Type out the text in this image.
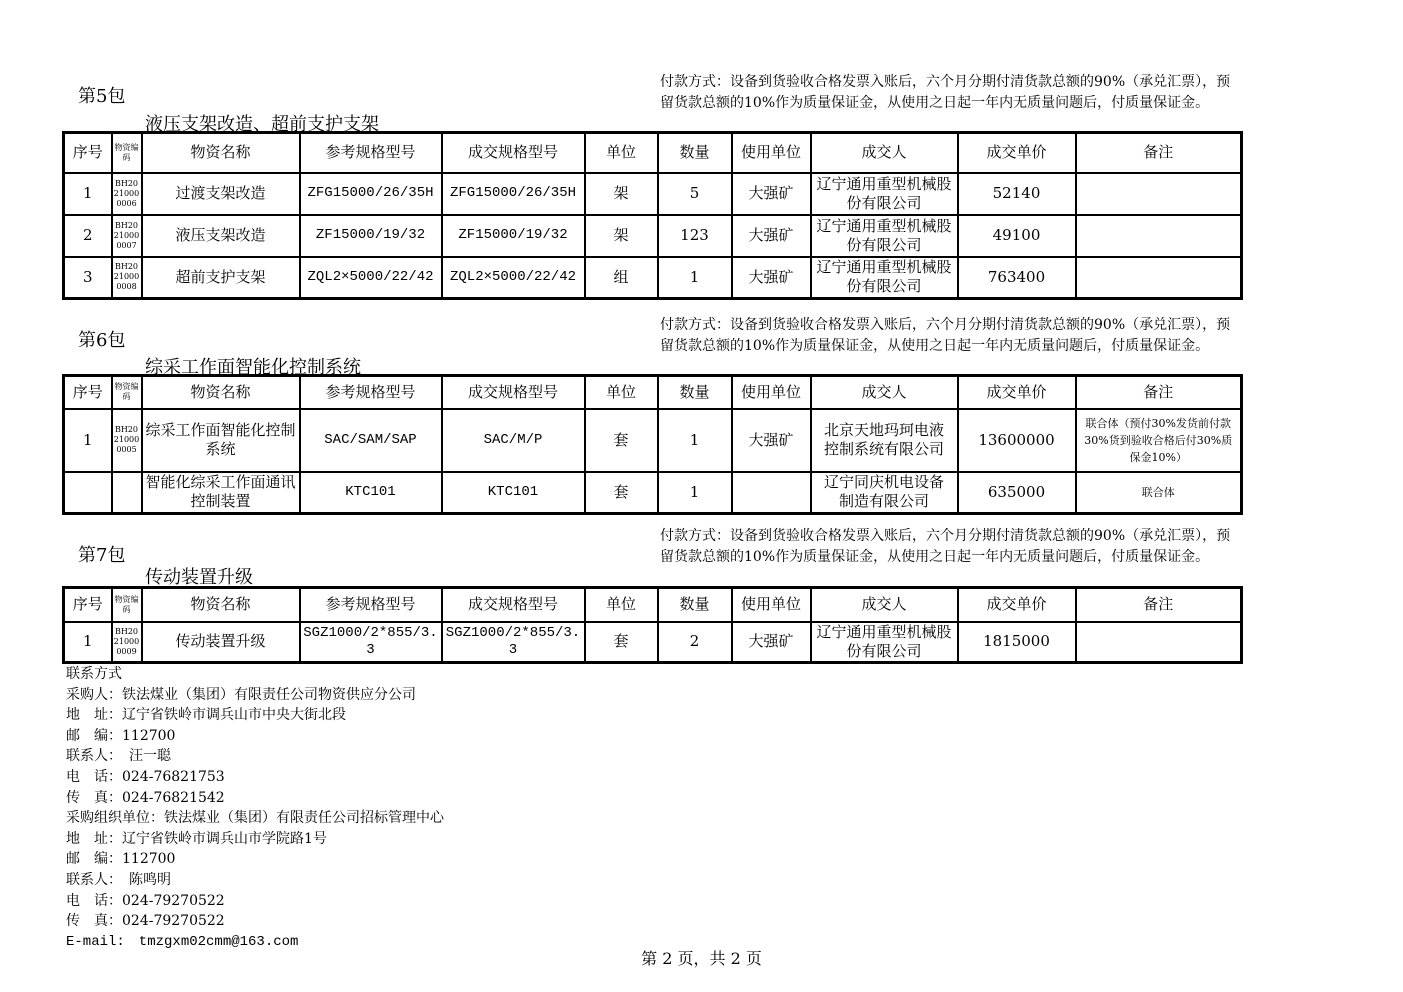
第5包
液压支架改造、超前支护支架
付款方式：设备到货验收合格发票入账后，六个月分期付清货款总额的90%（承兑汇票），预留货款总额的10%作为质量保证金，从使用之日起一年内无质量问题后，付质量保证金。
序号	物资编码	物资名称	参考规格型号	成交规格型号	单位	数量	使用单位	成交人	成交单价	备注
1	BH20210000006	过渡支架改造	ZFG15000/26/35H	ZFG15000/26/35H	架	5	大强矿	辽宁通用重型机械股份有限公司	52140	
2	BH20210000007	液压支架改造	ZF15000/19/32	ZF15000/19/32	架	123	大强矿	辽宁通用重型机械股份有限公司	49100	
3	BH20210000008	超前支护支架	ZQL2×5000/22/42	ZQL2×5000/22/42	组	1	大强矿	辽宁通用重型机械股份有限公司	763400	
第6包
综采工作面智能化控制系统
付款方式：设备到货验收合格发票入账后，六个月分期付清货款总额的90%（承兑汇票），预留货款总额的10%作为质量保证金，从使用之日起一年内无质量问题后，付质量保证金。
序号	物资编码	物资名称	参考规格型号	成交规格型号	单位	数量	使用单位	成交人	成交单价	备注
1	BH20210000005	综采工作面智能化控制系统	SAC/SAM/SAP	SAC/M/P	套	1	大强矿	北京天地玛珂电液控制系统有限公司	13600000	联合体（预付30%发货前付款30%货到验收合格后付30%质保金10%）
		智能化综采工作面通讯控制装置	KTC101	KTC101	套	1		辽宁同庆机电设备制造有限公司	635000	联合体
第7包
传动装置升级
付款方式：设备到货验收合格发票入账后，六个月分期付清货款总额的90%（承兑汇票），预留货款总额的10%作为质量保证金，从使用之日起一年内无质量问题后，付质量保证金。
序号	物资编码	物资名称	参考规格型号	成交规格型号	单位	数量	使用单位	成交人	成交单价	备注
1	BH20210000009	传动装置升级	SGZ1000/2*855/3.3	SGZ1000/2*855/3.3	套	2	大强矿	辽宁通用重型机械股份有限公司	1815000	
联系方式
采购人：铁法煤业（集团）有限责任公司物资供应分公司
地　址：辽宁省铁岭市调兵山市中央大街北段
邮　编：112700
联系人：　汪一聪
电　话：024-76821753
传　真：024-76821542
采购组织单位：铁法煤业（集团）有限责任公司招标管理中心
地　址：辽宁省铁岭市调兵山市学院路1号
邮　编：112700
联系人：　陈鸣明
电　话：024-79270522
传　真：024-79270522
E-mail:　tmzgxm02cmm@163.com
第 2 页，共 2 页
